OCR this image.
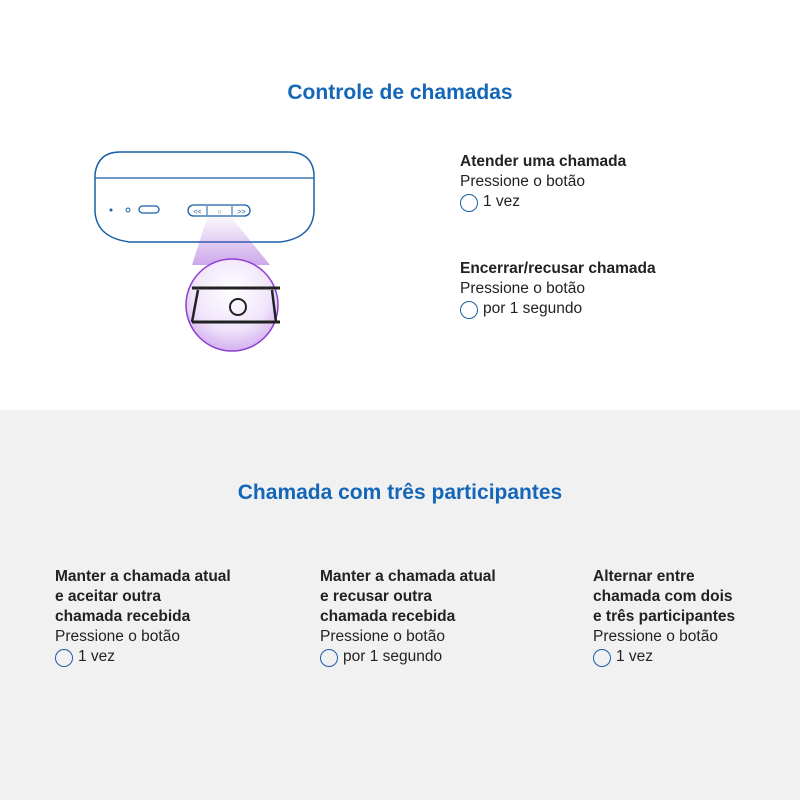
Controle de chamadas
<< ○ >>
Atender uma chamada
Pressione o botão
1 vez
Encerrar/recusar chamada
Pressione o botão
por 1 segundo
Chamada com três participantes
Manter a chamada atual
e aceitar outra
chamada recebida
Pressione o botão
1 vez
Manter a chamada atual
e recusar outra
chamada recebida
Pressione o botão
por 1 segundo
Alternar entre
chamada com dois
e três participantes
Pressione o botão
1 vez
